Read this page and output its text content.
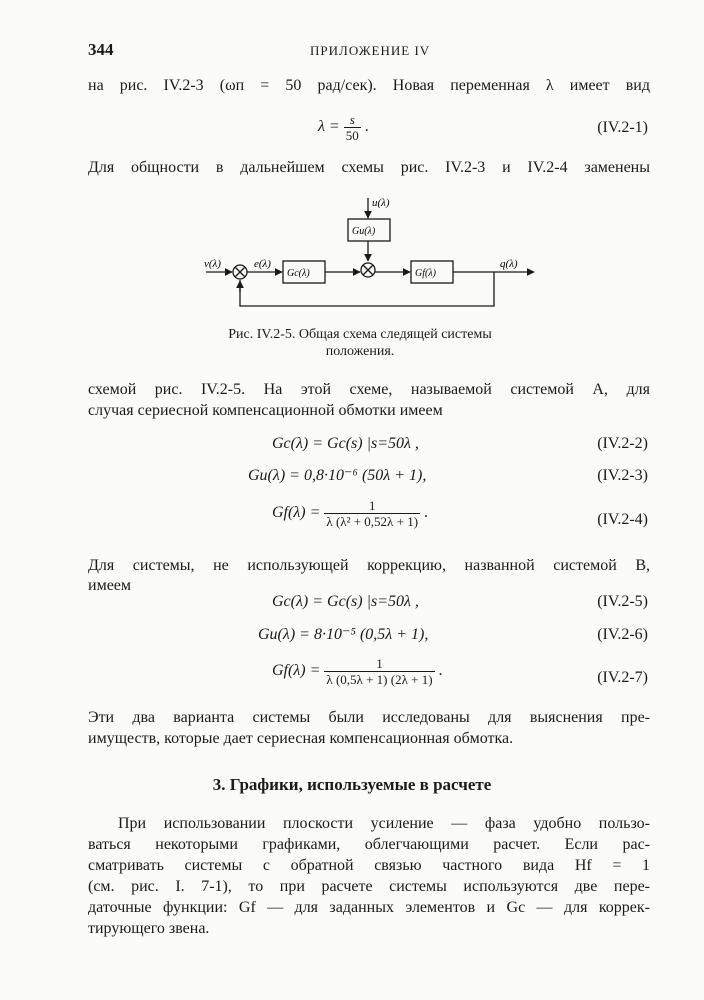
344	ПРИЛОЖЕНИЕ IV
на рис. IV.2-3 (ωп = 50 рад/сек). Новая переменная λ имеет вид
$\lambda = \frac{s}{50}$ .	(IV.2-1)
Для общности в дальнейшем схемы рис. IV.2-3 и IV.2-4 заменены
u(λ)
Gu(λ)
v(λ)	e(λ)
Gc(λ)	Gf(λ)
q(λ)
Рис. IV.2-5. Общая схема следящей системы
положения.
схемой рис. IV.2-5. На этой схеме, называемой системой A, для
случая сериесной компенсационной обмотки имеем
Gc(λ) = Gc(s) |s=50λ ,	(IV.2-2)
Gu(λ) = 0,8·10⁻⁶ (50λ + 1),	(IV.2-3)
$Gf(\lambda) = \frac{1}{\text{λ (λ² + 0,52λ + 1)}}$ .	(IV.2-4)
Для системы, не использующей коррекцию, названной системой B,
имеем
Gc(λ) = Gc(s) |s=50λ ,	(IV.2-5)
Gu(λ) = 8·10⁻⁵ (0,5λ + 1),	(IV.2-6)
$Gf(\lambda) = \frac{1}{\lambda (0,5\lambda + 1) (2\lambda + 1)}$ .	(IV.2-7)
Эти два варианта системы были исследованы для выяснения пре-
имуществ, которые дает сериесная компенсационная обмотка.
3. Графики, используемые в расчете
При использовании плоскости усиление — фаза удобно пользо-
ваться некоторыми графиками, облегчающими расчет. Если рас-
сматривать системы с обратной связью частного вида Hf = 1
(см. рис. I. 7-1), то при расчете системы используются две пере-
даточные функции: Gf — для заданных элементов и Gc — для коррек-
тирующего звена.
